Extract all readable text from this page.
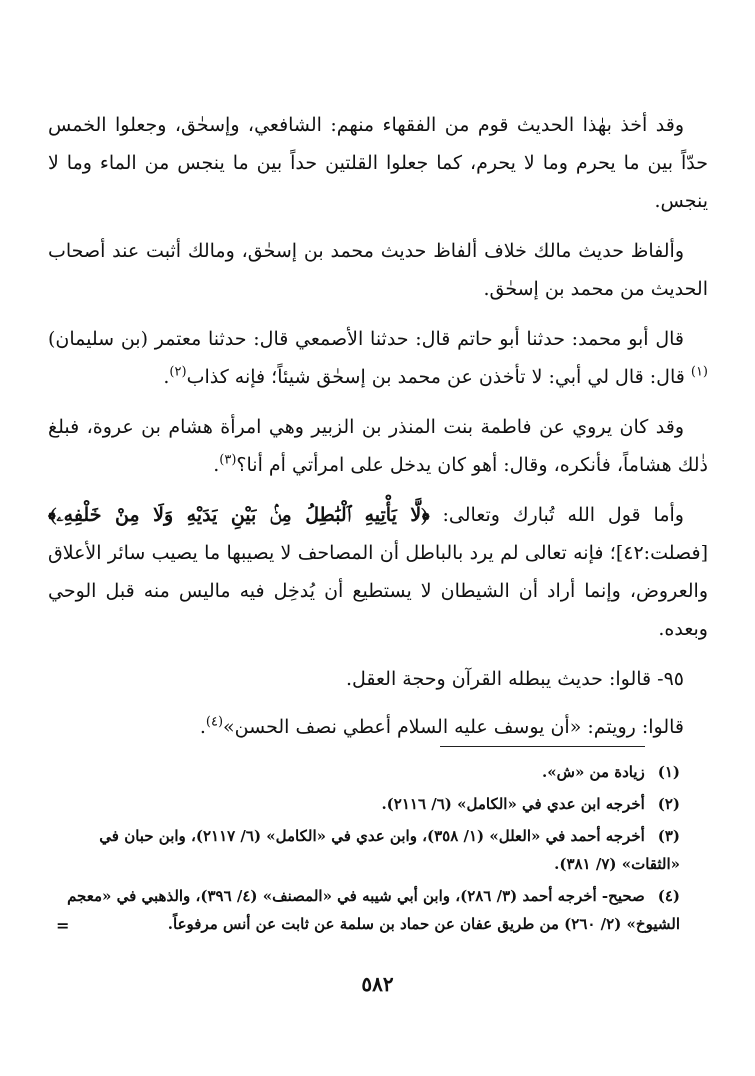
وقد أخذ بهٰذا الحديث قوم من الفقهاء منهم: الشافعي، وإسحٰق، وجعلوا الخمس حدّاً بين ما يحرم وما لا يحرم، كما جعلوا القلتين حداً بين ما ينجس من الماء وما لا ينجس.

وألفاظ حديث مالك خلاف ألفاظ حديث محمد بن إسحٰق، ومالك أثبت عند أصحاب الحديث من محمد بن إسحٰق.

قال أبو محمد: حدثنا أبو حاتم قال: حدثنا الأصمعي قال: حدثنا معتمر (بن سليمان)$^{(١)}$ قال: قال لي أبي: لا تأخذن عن محمد بن إسحٰق شيئاً؛ فإنه كذاب$^{(٢)}$.

وقد كان يروي عن فاطمة بنت المنذر بن الزبير وهي امرأة هشام بن عروة، فبلغ ذٰلك هشاماً، فأنكره، وقال: أهو كان يدخل على امرأتي أم أنا؟$^{(٣)}$.

وأما قول الله تُبارك وتعالى: ﴿لَّا يَأْتِيهِ ٱلْبَٰطِلُ مِنۢ بَيْنِ يَدَيْهِ وَلَا مِنْ خَلْفِهِۦ﴾ [فصلت:٤٢]؛ فإنه تعالى لم يرد بالباطل أن المصاحف لا يصيبها ما يصيب سائر الأعلاق والعروض، وإنما أراد أن الشيطان لا يستطيع أن يُدخِل فيه ماليس منه قبل الوحي وبعده.

٩٥- قالوا: حديث يبطله القرآن وحجة العقل.

قالوا: رويتم: «أن يوسف عليه السلام أعطي نصف الحسن»$^{(٤)}$.

(١) زيادة من «ش».

(٢) أخرجه ابن عدي في «الكامل» (٦/ ٢١١٦).

(٣) أخرجه أحمد في «العلل» (١/ ٣٥٨)، وابن عدي في «الكامل» (٦/ ٢١١٧)، وابن حبان في «الثقات» (٧/ ٣٨١).

(٤) صحيح- أخرجه أحمد (٣/ ٢٨٦)، وابن أبي شيبه في «المصنف» (٤/ ٣٩٦)، والذهبي في «معجم الشيوخ» (٢/ ٢٦٠) من طريق عفان عن حماد بن سلمة عن ثابت عن أنس مرفوعاً.

=
٥٨٢
